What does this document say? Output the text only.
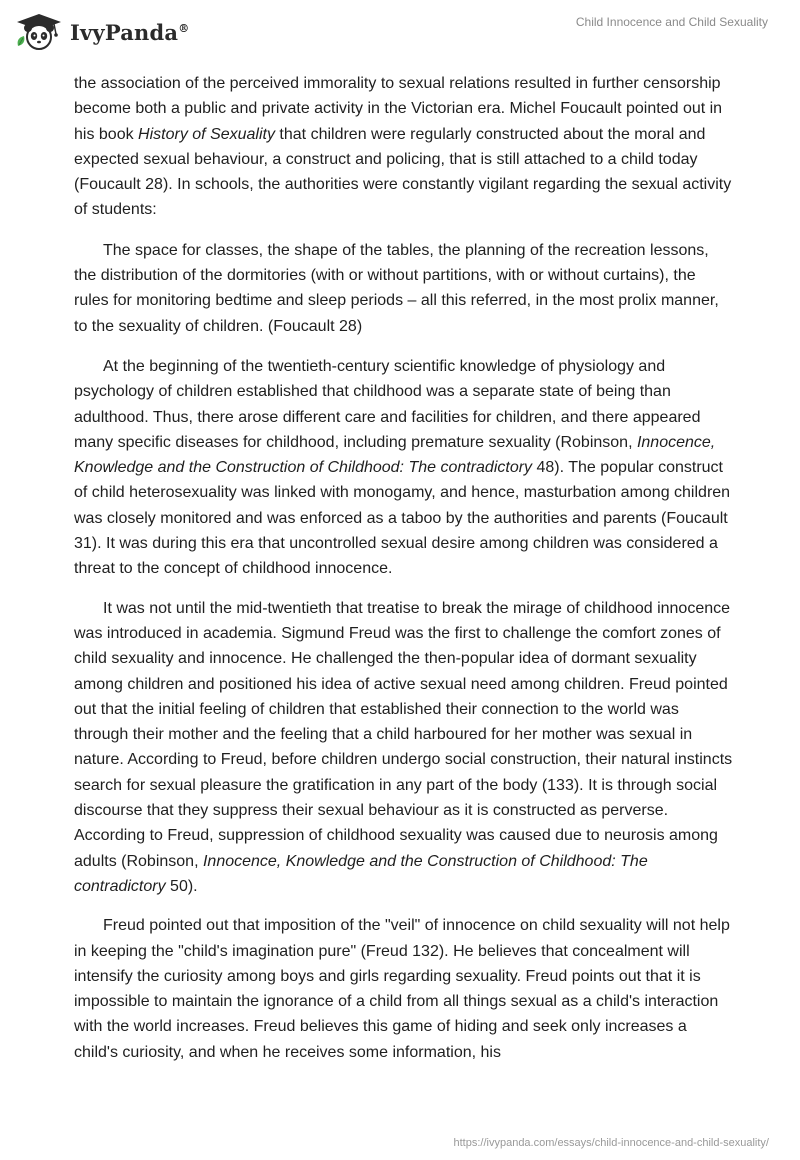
IvyPanda®	Child Innocence and Child Sexuality

the association of the perceived immorality to sexual relations resulted in further censorship become both a public and private activity in the Victorian era. Michel Foucault pointed out in his book History of Sexuality that children were regularly constructed about the moral and expected sexual behaviour, a construct and policing, that is still attached to a child today (Foucault 28). In schools, the authorities were constantly vigilant regarding the sexual activity of students:

The space for classes, the shape of the tables, the planning of the recreation lessons, the distribution of the dormitories (with or without partitions, with or without curtains), the rules for monitoring bedtime and sleep periods – all this referred, in the most prolix manner, to the sexuality of children. (Foucault 28)

At the beginning of the twentieth-century scientific knowledge of physiology and psychology of children established that childhood was a separate state of being than adulthood. Thus, there arose different care and facilities for children, and there appeared many specific diseases for childhood, including premature sexuality (Robinson, Innocence, Knowledge and the Construction of Childhood: The contradictory 48). The popular construct of child heterosexuality was linked with monogamy, and hence, masturbation among children was closely monitored and was enforced as a taboo by the authorities and parents (Foucault 31). It was during this era that uncontrolled sexual desire among children was considered a threat to the concept of childhood innocence.

It was not until the mid-twentieth that treatise to break the mirage of childhood innocence was introduced in academia. Sigmund Freud was the first to challenge the comfort zones of child sexuality and innocence. He challenged the then-popular idea of dormant sexuality among children and positioned his idea of active sexual need among children. Freud pointed out that the initial feeling of children that established their connection to the world was through their mother and the feeling that a child harboured for her mother was sexual in nature. According to Freud, before children undergo social construction, their natural instincts search for sexual pleasure the gratification in any part of the body (133). It is through social discourse that they suppress their sexual behaviour as it is constructed as perverse. According to Freud, suppression of childhood sexuality was caused due to neurosis among adults (Robinson, Innocence, Knowledge and the Construction of Childhood: The contradictory 50).

Freud pointed out that imposition of the "veil" of innocence on child sexuality will not help in keeping the "child's imagination pure" (Freud 132). He believes that concealment will intensify the curiosity among boys and girls regarding sexuality. Freud points out that it is impossible to maintain the ignorance of a child from all things sexual as a child's interaction with the world increases. Freud believes this game of hiding and seek only increases a child's curiosity, and when he receives some information, his

https://ivypanda.com/essays/child-innocence-and-child-sexuality/
